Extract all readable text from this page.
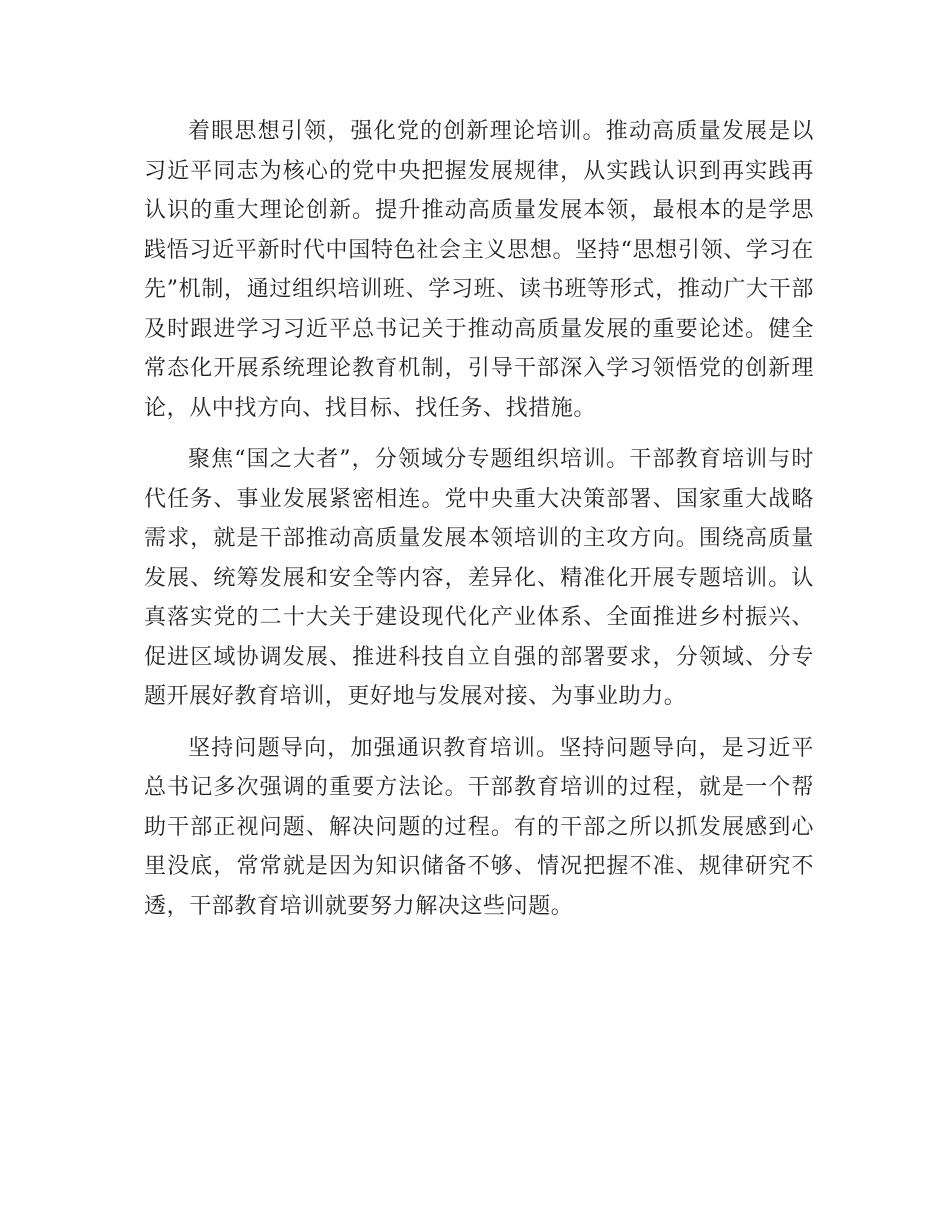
着眼思想引领，强化党的创新理论培训。推动高质量发展是以习近平同志为核心的党中央把握发展规律，从实践认识到再实践再认识的重大理论创新。提升推动高质量发展本领，最根本的是学思践悟习近平新时代中国特色社会主义思想。坚持“思想引领、学习在先”机制，通过组织培训班、学习班、读书班等形式，推动广大干部及时跟进学习习近平总书记关于推动高质量发展的重要论述。健全常态化开展系统理论教育机制，引导干部深入学习领悟党的创新理论，从中找方向、找目标、找任务、找措施。

聚焦“国之大者”，分领域分专题组织培训。干部教育培训与时代任务、事业发展紧密相连。党中央重大决策部署、国家重大战略需求，就是干部推动高质量发展本领培训的主攻方向。围绕高质量发展、统筹发展和安全等内容，差异化、精准化开展专题培训。认真落实党的二十大关于建设现代化产业体系、全面推进乡村振兴、促进区域协调发展、推进科技自立自强的部署要求，分领域、分专题开展好教育培训，更好地与发展对接、为事业助力。

坚持问题导向，加强通识教育培训。坚持问题导向，是习近平总书记多次强调的重要方法论。干部教育培训的过程，就是一个帮助干部正视问题、解决问题的过程。有的干部之所以抓发展感到心里没底，常常就是因为知识储备不够、情况把握不准、规律研究不透，干部教育培训就要努力解决这些问题。
